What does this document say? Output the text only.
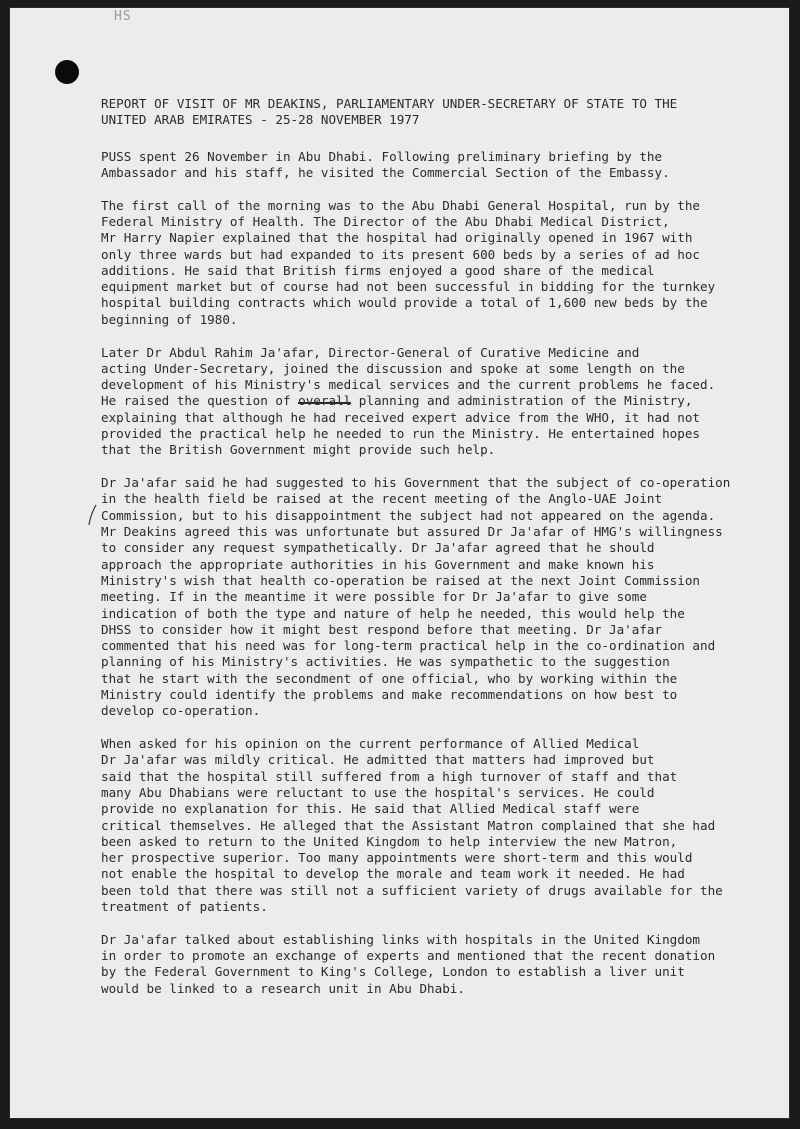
HS
REPORT OF VISIT OF MR DEAKINS, PARLIAMENTARY UNDER-SECRETARY OF STATE TO THE
UNITED ARAB EMIRATES - 25-28 NOVEMBER 1977
PUSS spent 26 November in Abu Dhabi. Following preliminary briefing by the
Ambassador and his staff, he visited the Commercial Section of the Embassy.
The first call of the morning was to the Abu Dhabi General Hospital, run by the
Federal Ministry of Health. The Director of the Abu Dhabi Medical District,
Mr Harry Napier explained that the hospital had originally opened in 1967 with
only three wards but had expanded to its present 600 beds by a series of ad hoc
additions. He said that British firms enjoyed a good share of the medical
equipment market but of course had not been successful in bidding for the turnkey
hospital building contracts which would provide a total of 1,600 new beds by the
beginning of 1980.
Later Dr Abdul Rahim Ja'afar, Director-General of Curative Medicine and
acting Under-Secretary, joined the discussion and spoke at some length on the
development of his Ministry's medical services and the current problems he faced.
He raised the question of overall planning and administration of the Ministry,
explaining that although he had received expert advice from the WHO, it had not
provided the practical help he needed to run the Ministry. He entertained hopes
that the British Government might provide such help.
Dr Ja'afar said he had suggested to his Government that the subject of co-operation
in the health field be raised at the recent meeting of the Anglo-UAE Joint
Commission, but to his disappointment the subject had not appeared on the agenda.
Mr Deakins agreed this was unfortunate but assured Dr Ja'afar of HMG's willingness
to consider any request sympathetically. Dr Ja'afar agreed that he should
approach the appropriate authorities in his Government and make known his
Ministry's wish that health co-operation be raised at the next Joint Commission
meeting. If in the meantime it were possible for Dr Ja'afar to give some
indication of both the type and nature of help he needed, this would help the
DHSS to consider how it might best respond before that meeting. Dr Ja'afar
commented that his need was for long-term practical help in the co-ordination and
planning of his Ministry's activities. He was sympathetic to the suggestion
that he start with the secondment of one official, who by working within the
Ministry could identify the problems and make recommendations on how best to
develop co-operation.
When asked for his opinion on the current performance of Allied Medical
Dr Ja'afar was mildly critical. He admitted that matters had improved but
said that the hospital still suffered from a high turnover of staff and that
many Abu Dhabians were reluctant to use the hospital's services. He could
provide no explanation for this. He said that Allied Medical staff were
critical themselves. He alleged that the Assistant Matron complained that she had
been asked to return to the United Kingdom to help interview the new Matron,
her prospective superior. Too many appointments were short-term and this would
not enable the hospital to develop the morale and team work it needed. He had
been told that there was still not a sufficient variety of drugs available for the
treatment of patients.
Dr Ja'afar talked about establishing links with hospitals in the United Kingdom
in order to promote an exchange of experts and mentioned that the recent donation
by the Federal Government to King's College, London to establish a liver unit
would be linked to a research unit in Abu Dhabi.
